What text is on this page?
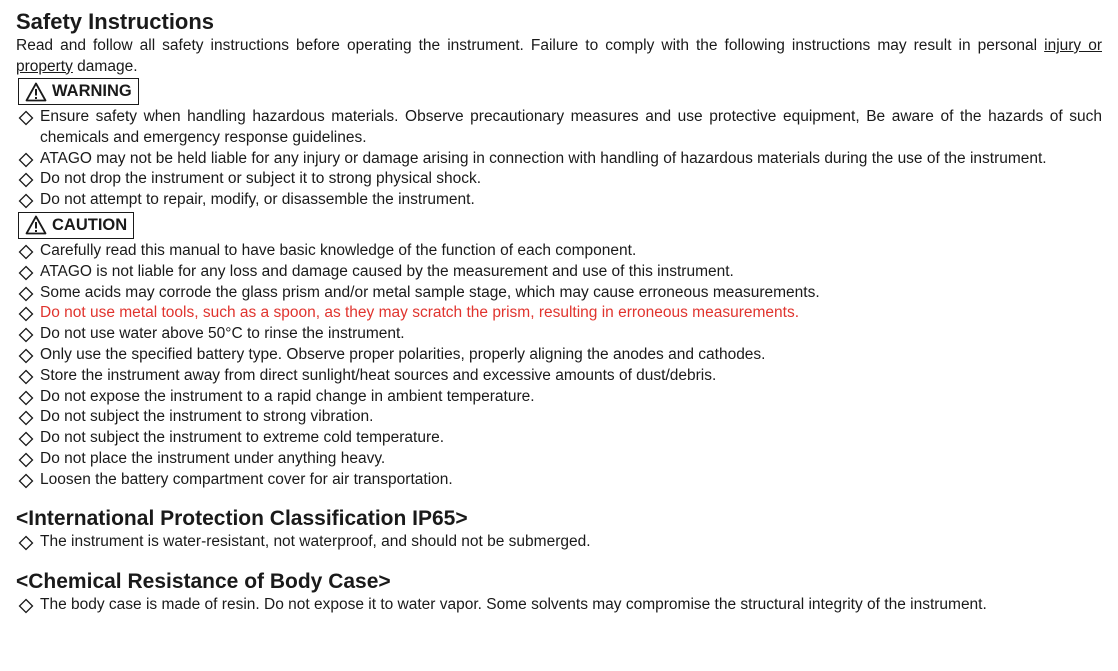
Safety Instructions

Read and follow all safety instructions before operating the instrument. Failure to comply with the following instructions may result in personal injury or property damage.

WARNING
Ensure safety when handling hazardous materials. Observe precautionary measures and use protective equipment, Be aware of the hazards of such chemicals and emergency response guidelines.
ATAGO may not be held liable for any injury or damage arising in connection with handling of hazardous materials during the use of the instrument.
Do not drop the instrument or subject it to strong physical shock.
Do not attempt to repair, modify, or disassemble the instrument.
CAUTION
Carefully read this manual to have basic knowledge of the function of each component.
ATAGO is not liable for any loss and damage caused by the measurement and use of this instrument.
Some acids may corrode the glass prism and/or metal sample stage, which may cause erroneous measurements.
Do not use metal tools, such as a spoon, as they may scratch the prism, resulting in erroneous measurements.
Do not use water above 50°C to rinse the instrument.
Only use the specified battery type. Observe proper polarities, properly aligning the anodes and cathodes.
Store the instrument away from direct sunlight/heat sources and excessive amounts of dust/debris.
Do not expose the instrument to a rapid change in ambient temperature.
Do not subject the instrument to strong vibration.
Do not subject the instrument to extreme cold temperature.
Do not place the instrument under anything heavy.
Loosen the battery compartment cover for air transportation.
<International Protection Classification IP65>
The instrument is water-resistant, not waterproof, and should not be submerged.
<Chemical Resistance of Body Case>
The body case is made of resin. Do not expose it to water vapor. Some solvents may compromise the structural integrity of the instrument.
